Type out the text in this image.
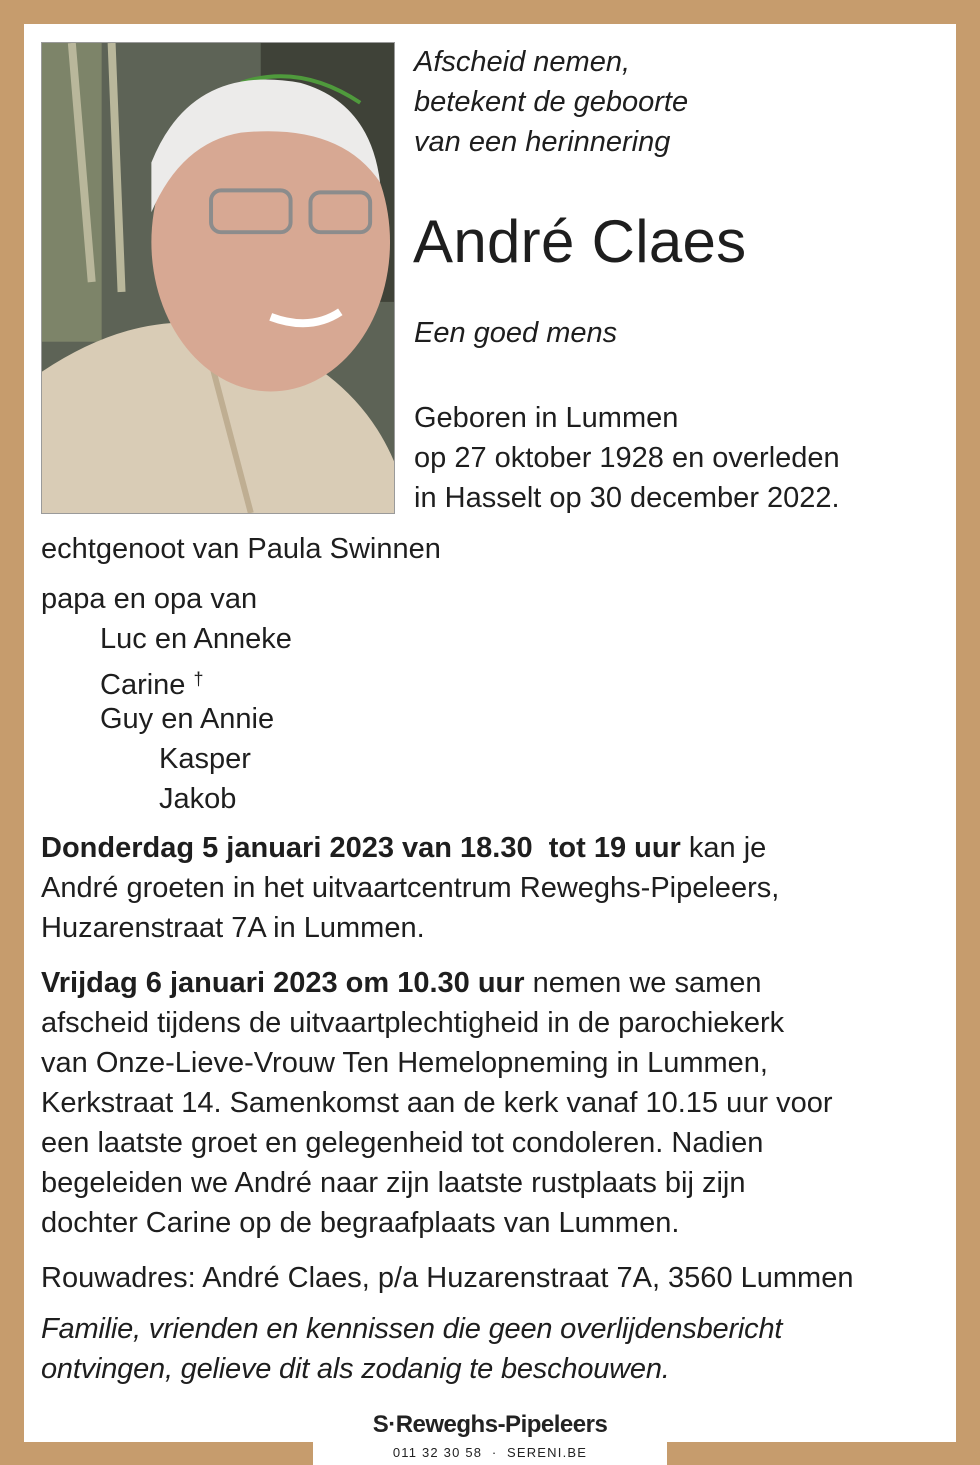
Afscheid nemen,
betekent de geboorte
van een herinnering
André Claes
Een goed mens
Geboren in Lummen
op 27 oktober 1928 en overleden
in Hasselt op 30 december 2022.
echtgenoot van Paula Swinnen
papa en opa van
Luc en Anneke
Carine †
Guy en Annie
Kasper
Jakob
Donderdag 5 januari 2023 van 18.30  tot 19 uur kan je
André groeten in het uitvaartcentrum Reweghs-Pipeleers,
Huzarenstraat 7A in Lummen.
Vrijdag 6 januari 2023 om 10.30 uur nemen we samen
afscheid tijdens de uitvaartplechtigheid in de parochiekerk
van Onze-Lieve-Vrouw Ten Hemelopneming in Lummen,
Kerkstraat 14. Samenkomst aan de kerk vanaf 10.15 uur voor
een laatste groet en gelegenheid tot condoleren. Nadien
begeleiden we André naar zijn laatste rustplaats bij zijn
dochter Carine op de begraafplaats van Lummen.
Rouwadres: André Claes, p/a Huzarenstraat 7A, 3560 Lummen
Familie, vrienden en kennissen die geen overlijdensbericht
ontvingen, gelieve dit als zodanig te beschouwen.
S·Reweghs-Pipeleers
011 32 30 58  ·  SERENI.BE
